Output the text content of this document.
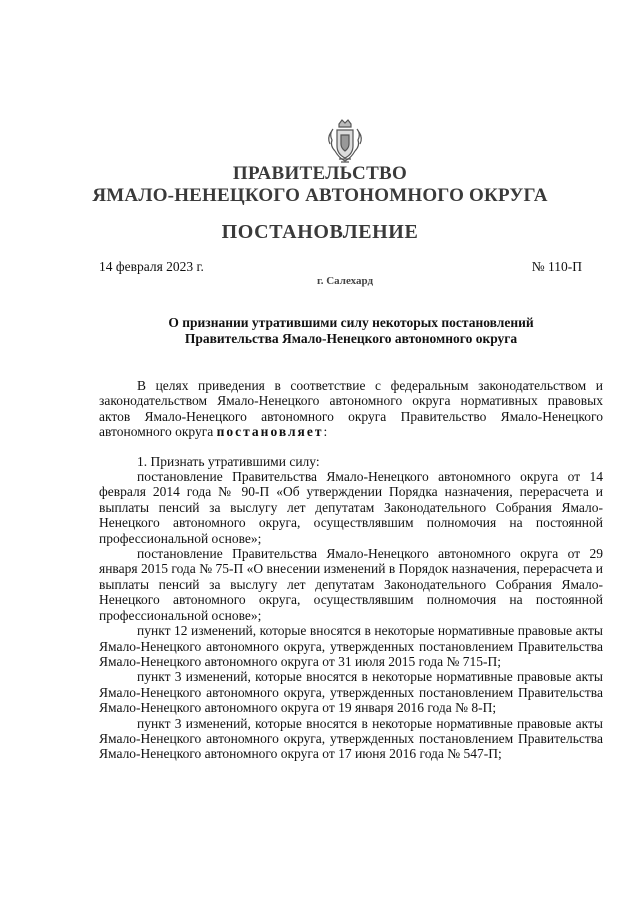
ПРАВИТЕЛЬСТВО
ЯМАЛО-НЕНЕЦКОГО АВТОНОМНОГО ОКРУГА
ПОСТАНОВЛЕНИЕ
14 февраля 2023 г.	№ 110-П
г. Салехард
О признании утратившими силу некоторых постановлений
Правительства Ямало-Ненецкого автономного округа

В целях приведения в соответствие с федеральным законодательством и законодательством Ямало-Ненецкого автономного округа нормативных правовых актов Ямало-Ненецкого автономного округа Правительство Ямало-Ненецкого автономного округа постановляет:

1. Признать утратившими силу:

постановление Правительства Ямало-Ненецкого автономного округа от 14 февраля 2014 года № 90-П «Об утверждении Порядка назначения, перерасчета и выплаты пенсий за выслугу лет депутатам Законодательного Собрания Ямало-Ненецкого автономного округа, осуществлявшим полномочия на постоянной профессиональной основе»;

постановление Правительства Ямало-Ненецкого автономного округа от 29 января 2015 года № 75-П «О внесении изменений в Порядок назначения, перерасчета и выплаты пенсий за выслугу лет депутатам Законодательного Собрания Ямало-Ненецкого автономного округа, осуществлявшим полномочия на постоянной профессиональной основе»;

пункт 12 изменений, которые вносятся в некоторые нормативные правовые акты Ямало-Ненецкого автономного округа, утвержденных постановлением Правительства Ямало-Ненецкого автономного округа от 31 июля 2015 года № 715-П;

пункт 3 изменений, которые вносятся в некоторые нормативные правовые акты Ямало-Ненецкого автономного округа, утвержденных постановлением Правительства Ямало-Ненецкого автономного округа от 19 января 2016 года № 8-П;

пункт 3 изменений, которые вносятся в некоторые нормативные правовые акты Ямало-Ненецкого автономного округа, утвержденных постановлением Правительства Ямало-Ненецкого автономного округа от 17 июня 2016 года № 547-П;
